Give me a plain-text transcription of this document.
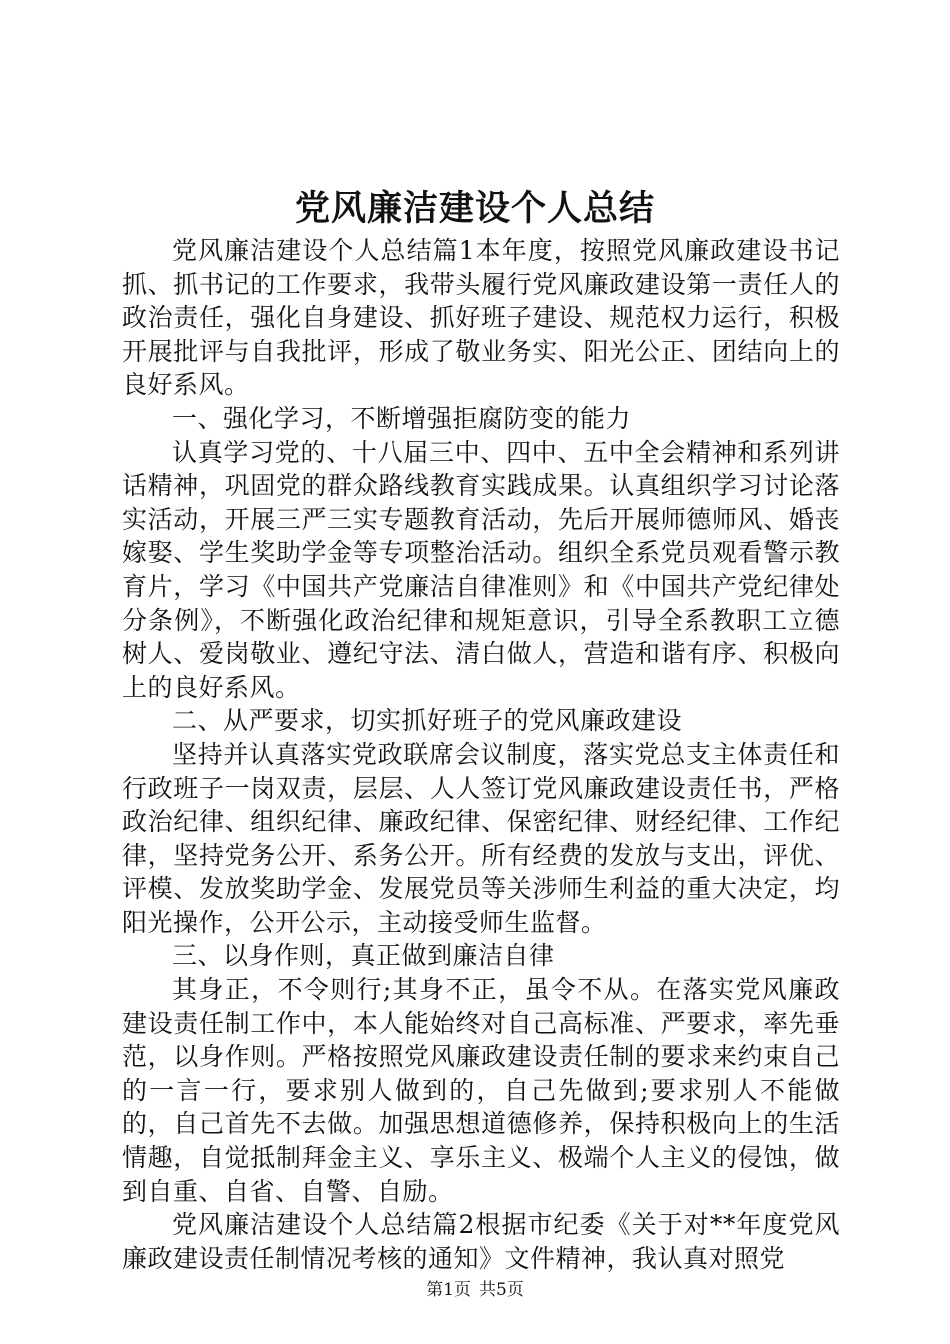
党风廉洁建设个人总结

党风廉洁建设个人总结篇1本年度，按照党风廉政建设书记抓、抓书记的工作要求，我带头履行党风廉政建设第一责任人的政治责任，强化自身建设、抓好班子建设、规范权力运行，积极开展批评与自我批评，形成了敬业务实、阳光公正、团结向上的良好系风。

一、强化学习，不断增强拒腐防变的能力

认真学习党的、十八届三中、四中、五中全会精神和系列讲话精神，巩固党的群众路线教育实践成果。认真组织学习讨论落实活动，开展三严三实专题教育活动，先后开展师德师风、婚丧嫁娶、学生奖助学金等专项整治活动。组织全系党员观看警示教育片，学习《中国共产党廉洁自律准则》和《中国共产党纪律处分条例》，不断强化政治纪律和规矩意识，引导全系教职工立德树人、爱岗敬业、遵纪守法、清白做人，营造和谐有序、积极向上的良好系风。

二、从严要求，切实抓好班子的党风廉政建设

坚持并认真落实党政联席会议制度，落实党总支主体责任和行政班子一岗双责，层层、人人签订党风廉政建设责任书，严格政治纪律、组织纪律、廉政纪律、保密纪律、财经纪律、工作纪律，坚持党务公开、系务公开。所有经费的发放与支出，评优、评模、发放奖助学金、发展党员等关涉师生利益的重大决定，均阳光操作，公开公示，主动接受师生监督。

三、以身作则，真正做到廉洁自律

其身正，不令则行;其身不正，虽令不从。在落实党风廉政建设责任制工作中，本人能始终对自己高标准、严要求，率先垂范，以身作则。严格按照党风廉政建设责任制的要求来约束自己的一言一行，要求别人做到的，自己先做到;要求别人不能做的，自己首先不去做。加强思想道德修养，保持积极向上的生活情趣，自觉抵制拜金主义、享乐主义、极端个人主义的侵蚀，做到自重、自省、自警、自励。

党风廉洁建设个人总结篇2根据市纪委《关于对**年度党风廉政建设责任制情况考核的通知》文件精神，我认真对照党

第1页 共5页
